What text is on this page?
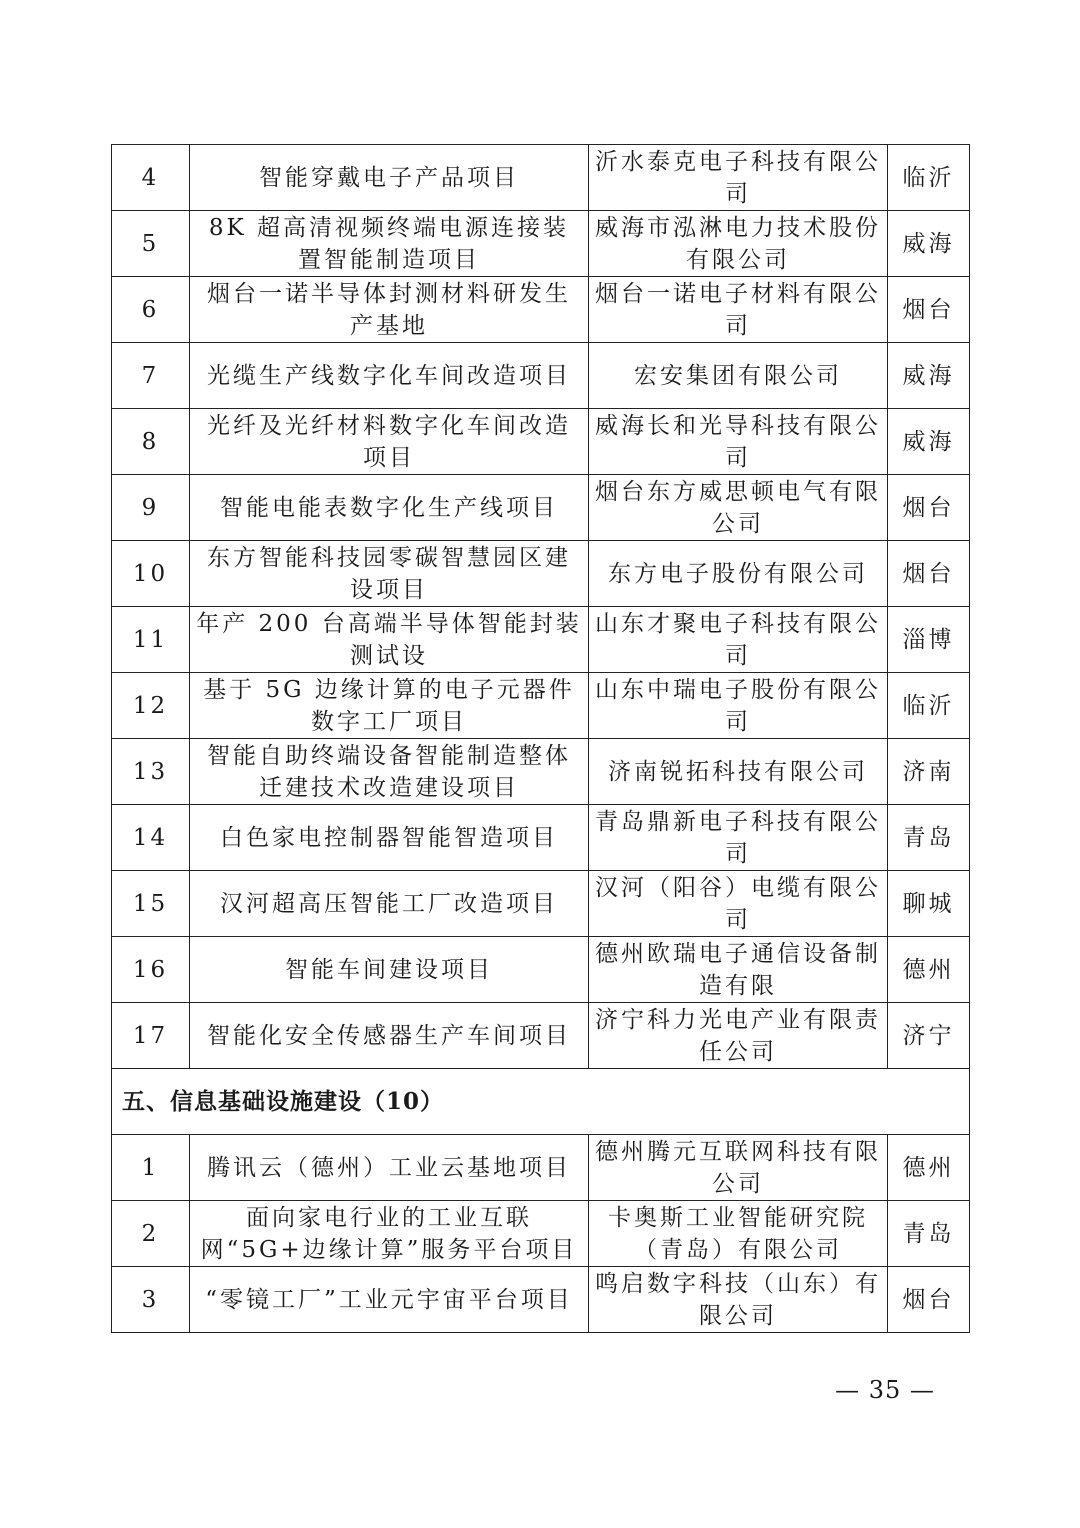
4	智能穿戴电子产品项目	沂水泰克电子科技有限公司	临沂
5	8K 超高清视频终端电源连接装置智能制造项目	威海市泓淋电力技术股份有限公司	威海
6	烟台一诺半导体封测材料研发生产基地	烟台一诺电子材料有限公司	烟台
7	光缆生产线数字化车间改造项目	宏安集团有限公司	威海
8	光纤及光纤材料数字化车间改造项目	威海长和光导科技有限公司	威海
9	智能电能表数字化生产线项目	烟台东方威思顿电气有限公司	烟台
10	东方智能科技园零碳智慧园区建设项目	东方电子股份有限公司	烟台
11	年产 200 台高端半导体智能封装测试设	山东才聚电子科技有限公司	淄博
12	基于 5G 边缘计算的电子元器件数字工厂项目	山东中瑞电子股份有限公司	临沂
13	智能自助终端设备智能制造整体迁建技术改造建设项目	济南锐拓科技有限公司	济南
14	白色家电控制器智能智造项目	青岛鼎新电子科技有限公司	青岛
15	汉河超高压智能工厂改造项目	汉河（阳谷）电缆有限公司	聊城
16	智能车间建设项目	德州欧瑞电子通信设备制造有限	德州
17	智能化安全传感器生产车间项目	济宁科力光电产业有限责任公司	济宁
五、信息基础设施建设（10）			
1	腾讯云（德州）工业云基地项目	德州腾元互联网科技有限公司	德州
2	面向家电行业的工业互联网“5G+边缘计算”服务平台项目	卡奥斯工业智能研究院（青岛）有限公司	青岛
3	“零镜工厂”工业元宇宙平台项目	鸣启数字科技（山东）有限公司	烟台
— 35 —
